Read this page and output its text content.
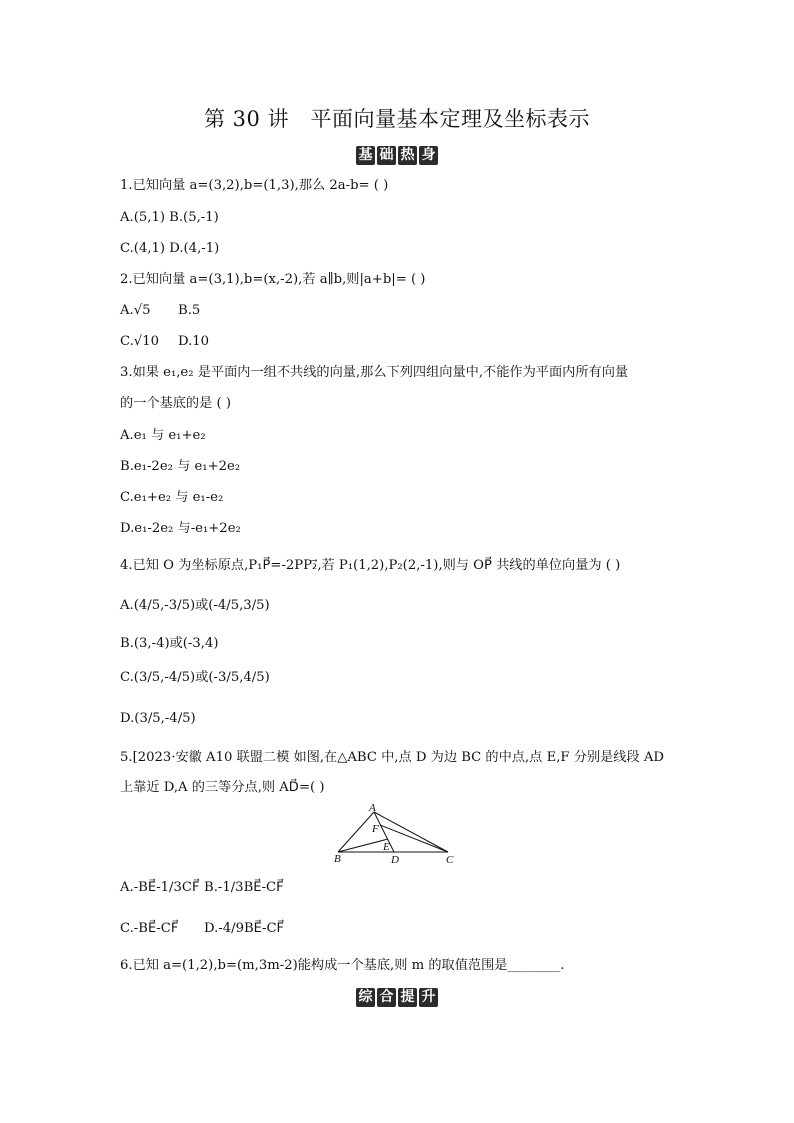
第 30 讲　平面向量基本定理及坐标表示
基 础 热 身
1.已知向量 a=(3,2),b=(1,3),那么 2a-b= ( )
A.(5,1) B.(5,-1)
C.(4,1) D.(4,-1)
2.已知向量 a=(3,1),b=(x,-2),若 a∥b,则|a+b|= ( )
A.√5 B.5
C.√10 D.10
3.如果 e₁,e₂ 是平面内一组不共线的向量,那么下列四组向量中,不能作为平面内所有向量
的一个基底的是 ( )
A.e₁ 与 e₁+e₂
B.e₁-2e₂ 与 e₁+2e₂
C.e₁+e₂ 与 e₁-e₂
D.e₁-2e₂ 与-e₁+2e₂
4.已知 O 为坐标原点,P₁P⃗=-2PP₂⃗,若 P₁(1,2),P₂(2,-1),则与 OP⃗ 共线的单位向量为 ( )
A.(4/5,-3/5)或(-4/5,3/5)
B.(3,-4)或(-3,4)
C.(3/5,-4/5)或(-3/5,4/5)
D.(3/5,-4/5)
5.[2023·安徽 A10 联盟二模 如图,在△ABC 中,点 D 为边 BC 的中点,点 E,F 分别是线段 AD
上靠近 D,A 的三等分点,则 AD⃗=( )
A
B	C
D
E
F
A.-BE⃗-1/3CF⃗ B.-1/3BE⃗-CF⃗
C.-BE⃗-CF⃗ D.-4/9BE⃗-CF⃗
6.已知 a=(1,2),b=(m,3m-2)能构成一个基底,则 m 的取值范围是________.
综 合 提 升
